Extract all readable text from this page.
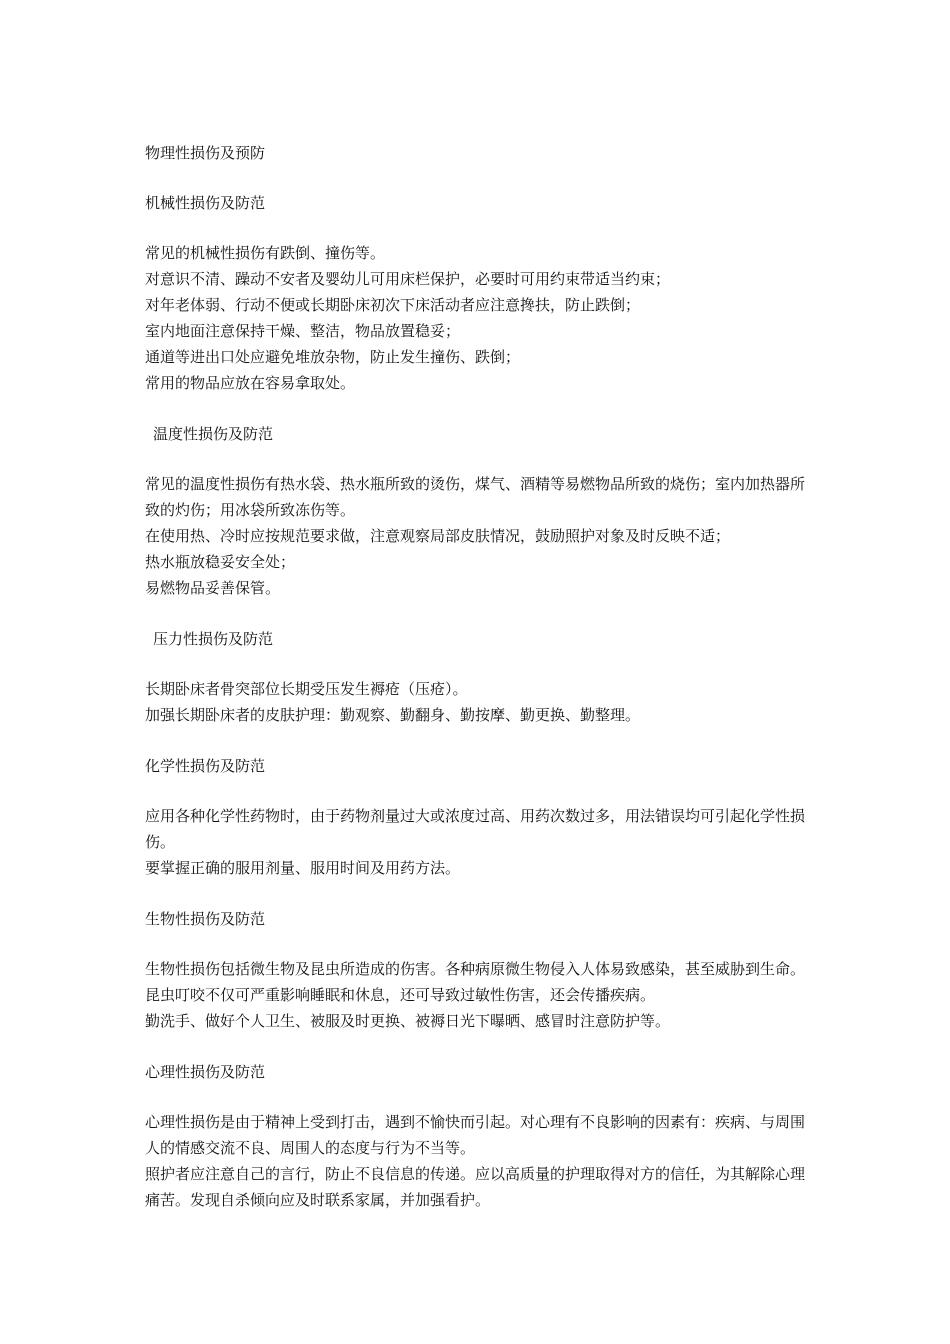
物理性损伤及预防

机械性损伤及防范

常见的机械性损伤有跌倒、撞伤等。

对意识不清、躁动不安者及婴幼儿可用床栏保护，必要时可用约束带适当约束；

对年老体弱、行动不便或长期卧床初次下床活动者应注意搀扶，防止跌倒；

室内地面注意保持干燥、整洁，物品放置稳妥；

通道等进出口处应避免堆放杂物，防止发生撞伤、跌倒；

常用的物品应放在容易拿取处。

温度性损伤及防范

常见的温度性损伤有热水袋、热水瓶所致的烫伤，煤气、酒精等易燃物品所致的烧伤；室内加热器所致的灼伤；用冰袋所致冻伤等。

在使用热、冷时应按规范要求做，注意观察局部皮肤情况，鼓励照护对象及时反映不适；

热水瓶放稳妥安全处；

易燃物品妥善保管。

压力性损伤及防范

长期卧床者骨突部位长期受压发生褥疮（压疮）。

加强长期卧床者的皮肤护理：勤观察、勤翻身、勤按摩、勤更换、勤整理。

化学性损伤及防范

应用各种化学性药物时，由于药物剂量过大或浓度过高、用药次数过多，用法错误均可引起化学性损伤。

要掌握正确的服用剂量、服用时间及用药方法。

生物性损伤及防范

生物性损伤包括微生物及昆虫所造成的伤害。各种病原微生物侵入人体易致感染，甚至威胁到生命。昆虫叮咬不仅可严重影响睡眠和休息，还可导致过敏性伤害，还会传播疾病。

勤洗手、做好个人卫生、被服及时更换、被褥日光下曝晒、感冒时注意防护等。

心理性损伤及防范

心理性损伤是由于精神上受到打击，遇到不愉快而引起。对心理有不良影响的因素有：疾病、与周围人的情感交流不良、周围人的态度与行为不当等。

照护者应注意自己的言行，防止不良信息的传递。应以高质量的护理取得对方的信任，为其解除心理痛苦。发现自杀倾向应及时联系家属，并加强看护。
